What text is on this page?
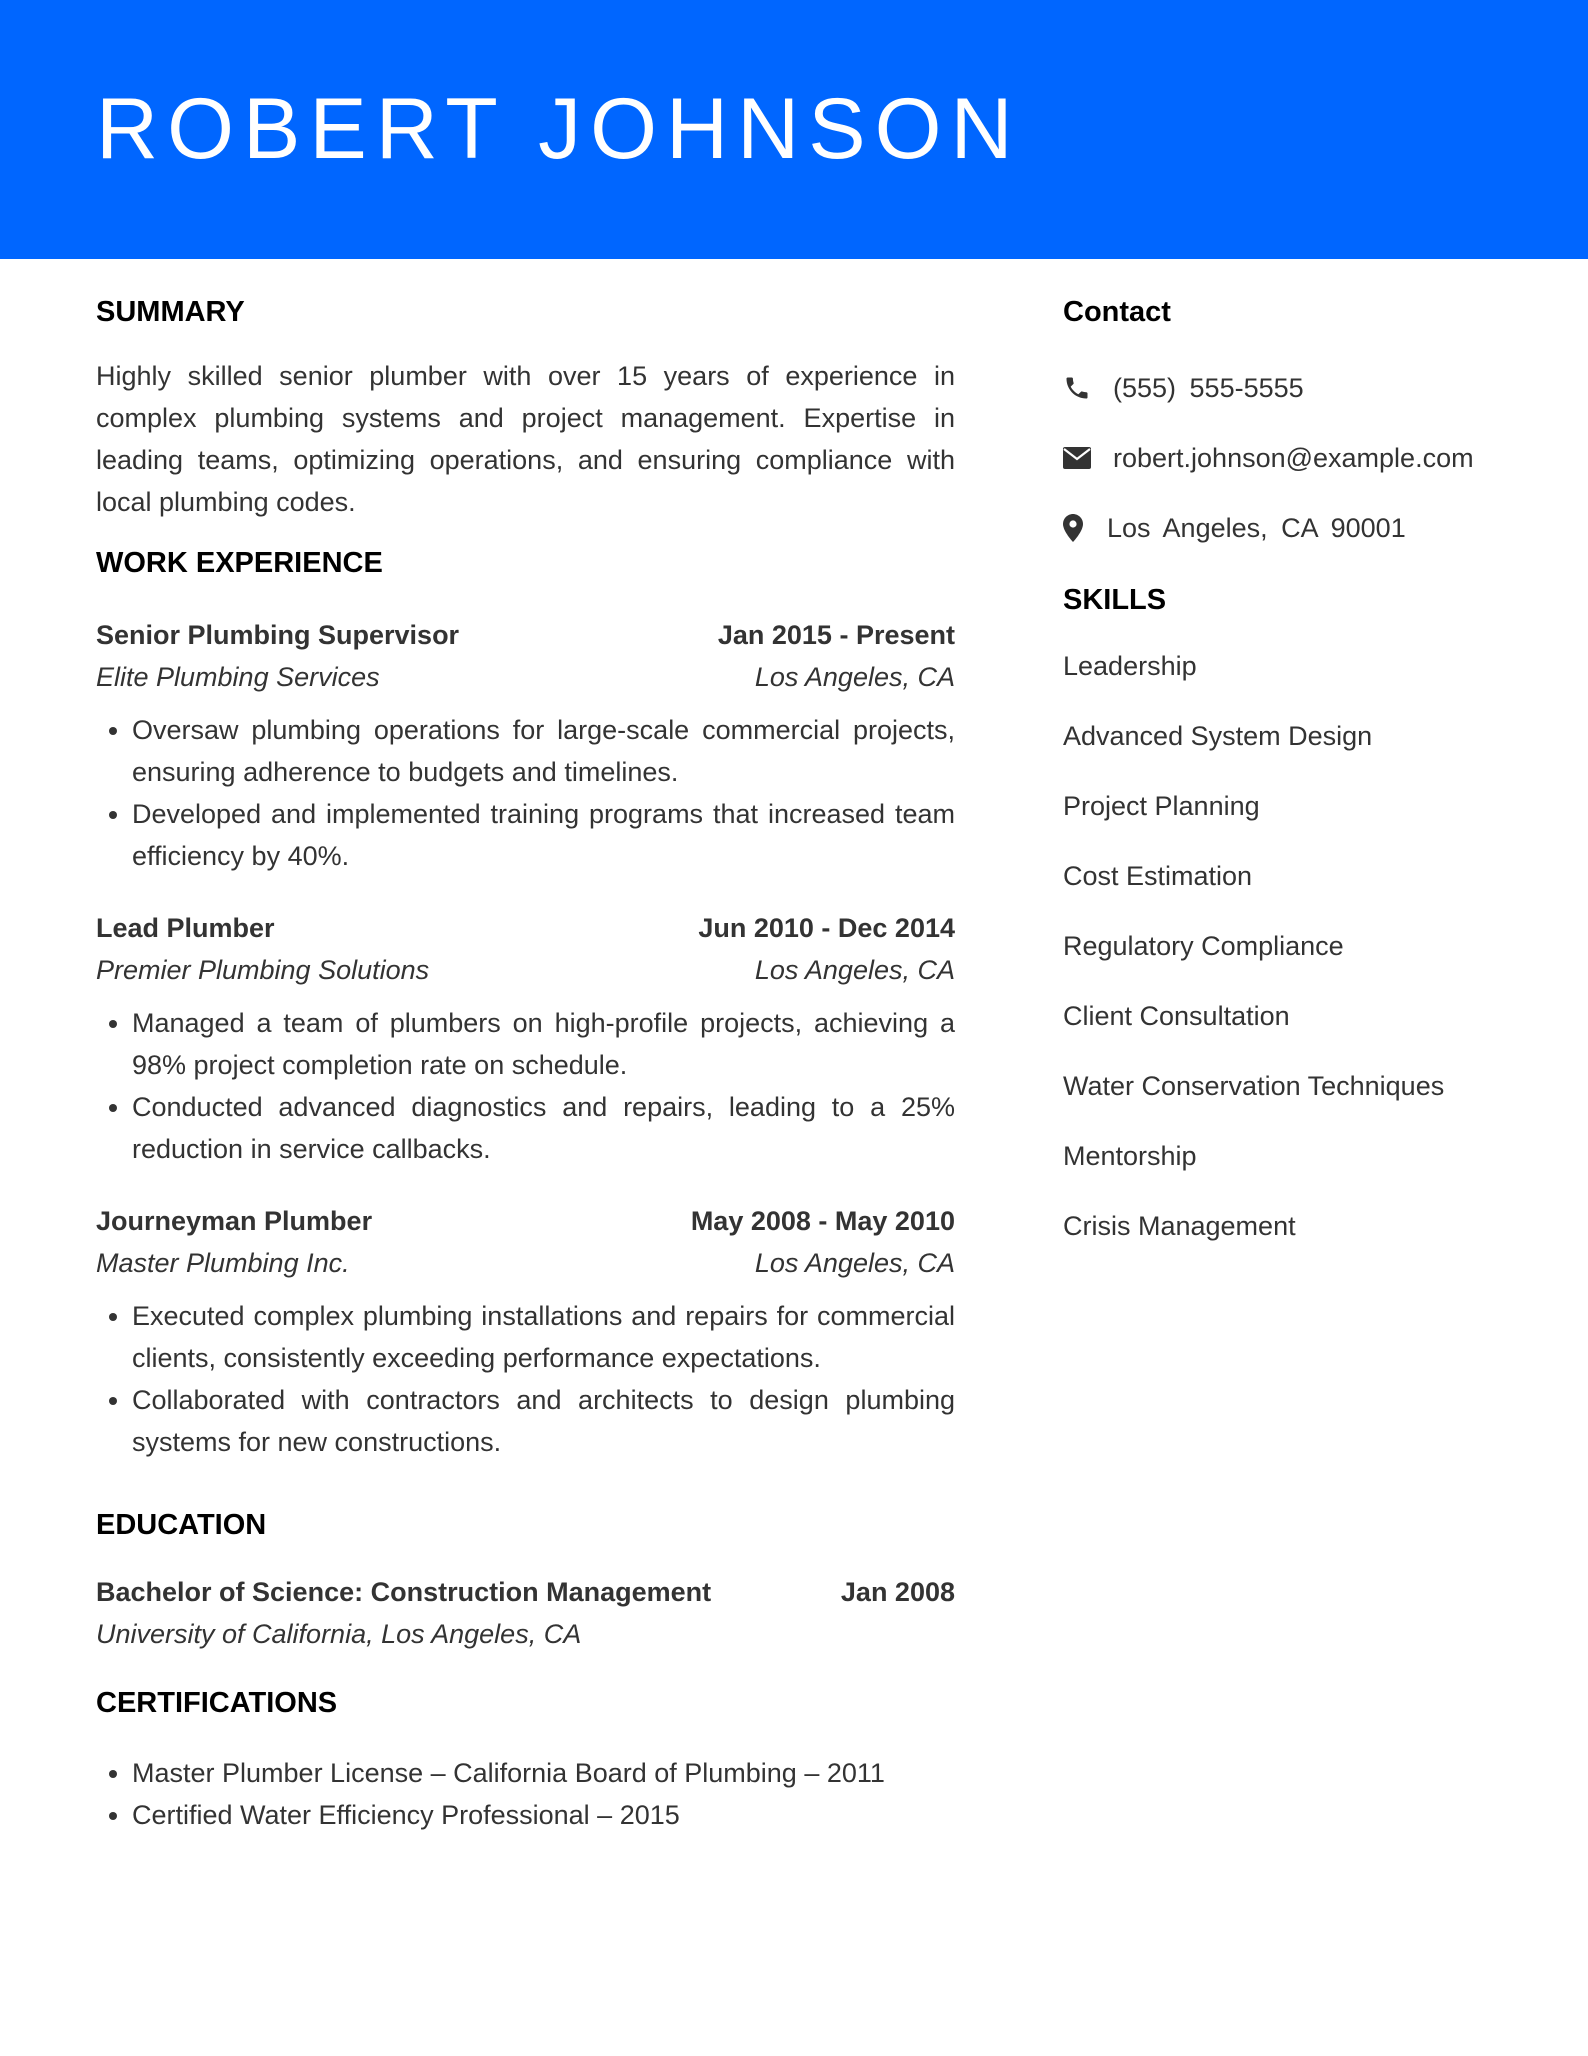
ROBERT JOHNSON
SUMMARY

Highly skilled senior plumber with over 15 years of experience in complex plumbing systems and project management. Expertise in leading teams, optimizing operations, and ensuring compliance with local plumbing codes.

WORK EXPERIENCE
Senior Plumbing Supervisor	Jan 2015 - Present
Elite Plumbing Services	Los Angeles, CA
• Oversaw plumbing operations for large-scale commercial projects, ensuring adherence to budgets and timelines.
• Developed and implemented training programs that increased team efficiency by 40%.
Lead Plumber	Jun 2010 - Dec 2014
Premier Plumbing Solutions	Los Angeles, CA
• Managed a team of plumbers on high-profile projects, achieving a 98% project completion rate on schedule.
• Conducted advanced diagnostics and repairs, leading to a 25% reduction in service callbacks.
Journeyman Plumber	May 2008 - May 2010
Master Plumbing Inc.	Los Angeles, CA
• Executed complex plumbing installations and repairs for commercial clients, consistently exceeding performance expectations.
• Collaborated with contractors and architects to design plumbing systems for new constructions.
EDUCATION
Bachelor of Science: Construction Management	Jan 2008
University of California, Los Angeles, CA
CERTIFICATIONS
• Master Plumber License – California Board of Plumbing – 2011
• Certified Water Efficiency Professional – 2015
Contact
(555) 555-5555
robert.johnson@example.com
Los Angeles, CA 90001
SKILLS
Leadership
Advanced System Design
Project Planning
Cost Estimation
Regulatory Compliance
Client Consultation
Water Conservation Techniques
Mentorship
Crisis Management
